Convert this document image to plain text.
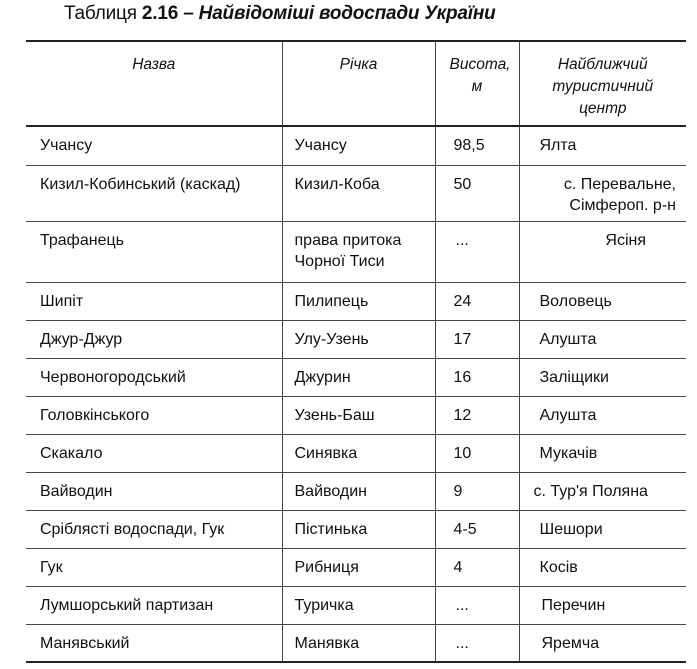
Таблиця 2.16 – Найвідоміші водоспади України
Назва	Річка	Висота, м	Найближчий туристичний центр
Учансу	Учансу	98,5	Ялта
Кизил-Кобинський (каскад)	Кизил-Коба	50	с. Перевальне, Сімфероп. р-н
Трафанець	права притока Чорної Тиси	...	Ясіня
Шипіт	Пилипець	24	Воловець
Джур-Джур	Улу-Узень	17	Алушта
Червоногородський	Джурин	16	Заліщики
Головкінського	Узень-Баш	12	Алушта
Скакало	Синявка	10	Мукачів
Вайводин	Вайводин	9	с. Тур'я Поляна
Сріблясті водоспади, Гук	Пістинька	4-5	Шешори
Гук	Рибниця	4	Косів
Лумшорський партизан	Туричка	...	Перечин
Манявський	Манявка	...	Яремча
